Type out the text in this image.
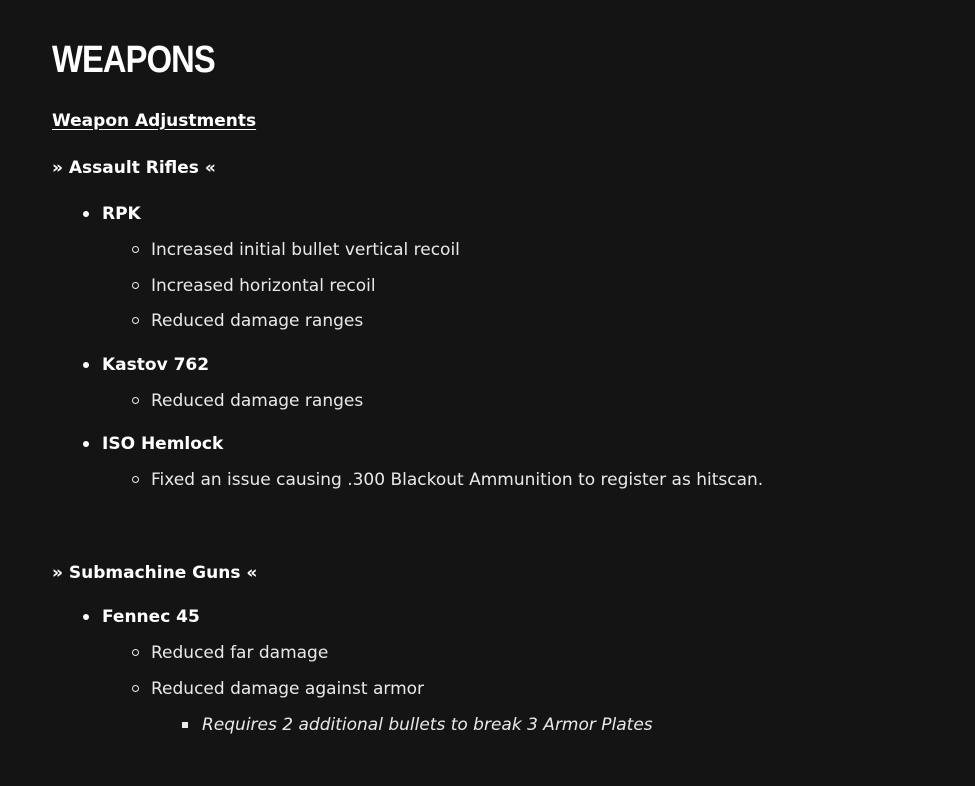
WEAPONS
Weapon Adjustments
» Assault Rifles «
RPK
Increased initial bullet vertical recoil
Increased horizontal recoil
Reduced damage ranges
Kastov 762
Reduced damage ranges
ISO Hemlock
Fixed an issue causing .300 Blackout Ammunition to register as hitscan.
» Submachine Guns «
Fennec 45
Reduced far damage
Reduced damage against armor
Requires 2 additional bullets to break 3 Armor Plates
